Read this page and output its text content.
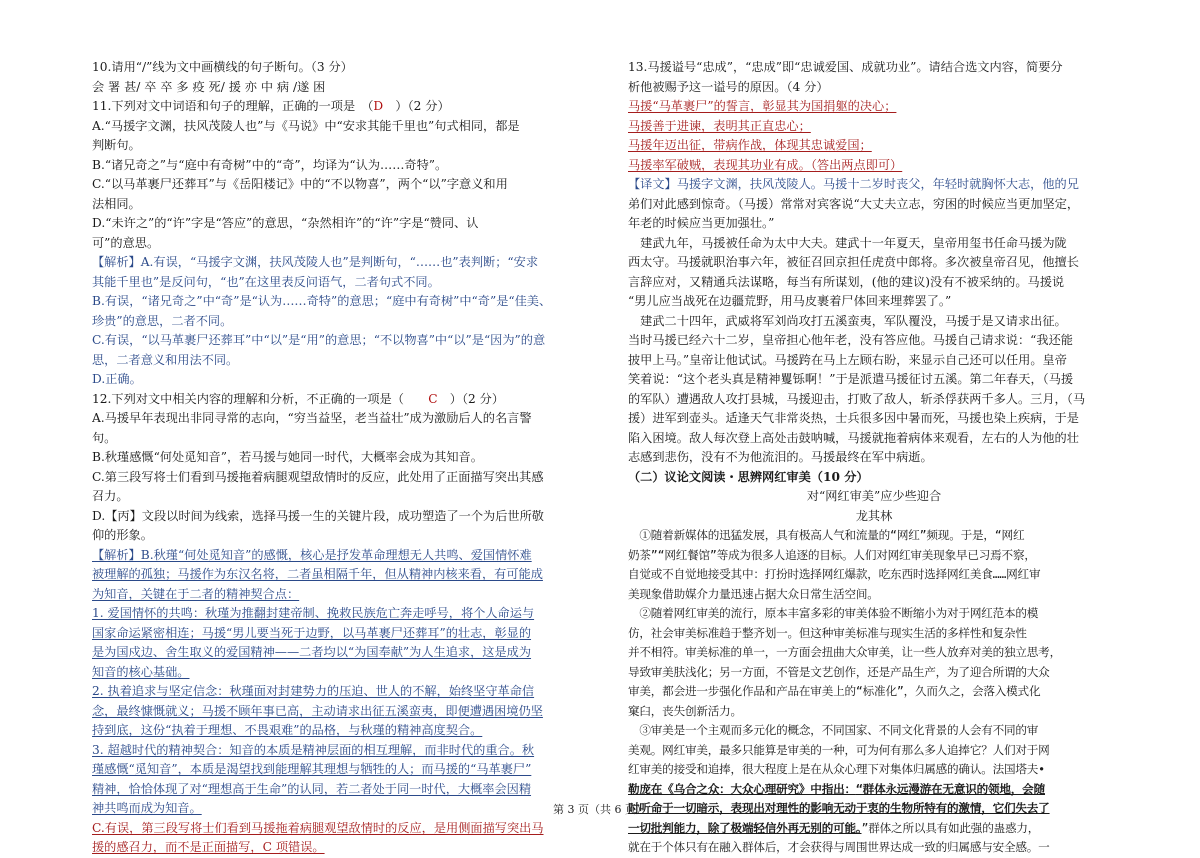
10.请用“/”线为文中画横线的句子断句。（3 分）
会 署 甚/ 卒 卒 多 疫 死/ 援 亦 中 病 /遂 困
11.下列对文中词语和句子的理解，正确的一项是　（D　 ）（2 分）
A.“马援字文渊，扶风茂陵人也”与《马说》中“安求其能千里也”句式相同，都是
判断句。
B.“诸兄奇之”与“庭中有奇树”中的“奇”，均译为“认为……奇特”。
C.“以马革裹尸还葬耳”与《岳阳楼记》中的“不以物喜”，两个“以”字意义和用
法相同。
D.“未许之”的“许”字是“答应”的意思，“杂然相许”的“许”字是“赞同、认
可”的意思。
【解析】A.有误，“马援字文渊，扶风茂陵人也”是判断句，“……也”表判断；“安求
其能千里也”是反问句，“也”在这里表反问语气，二者句式不同。
B.有误，“诸兄奇之”中“奇”是“认为……奇特”的意思；“庭中有奇树”中“奇”是“佳美、
珍贵”的意思，二者不同。
C.有误，“以马革裹尸还葬耳”中“以”是“用”的意思；“不以物喜”中“以”是“因为”的意
思，二者意义和用法不同。
D.正确。
12.下列对文中相关内容的理解和分析，不正确的一项是（　　C　）（2 分）
A.马援早年表现出非同寻常的志向，“穷当益坚，老当益壮”成为激励后人的名言警
句。
B.秋瑾感慨“何处觅知音”，若马援与她同一时代，大概率会成为其知音。
C.第三段写将士们看到马援拖着病腿观望敌情时的反应，此处用了正面描写突出其感
召力。
D.【丙】文段以时间为线索，选择马援一生的关键片段，成功塑造了一个为后世所敬
仰的形象。
【解析】B.秋瑾“何处觅知音”的感慨，核心是抒发革命理想无人共鸣、爱国情怀难
被理解的孤独；马援作为东汉名将，二者虽相隔千年，但从精神内核来看，有可能成
为知音，关键在于二者的精神契合点：
1. 爱国情怀的共鸣：秋瑾为推翻封建帝制、挽救民族危亡奔走呼号，将个人命运与
国家命运紧密相连；马援“男儿要当死于边野，以马革裹尸还葬耳”的壮志，彰显的
是为国戍边、舍生取义的爱国精神——二者均以“为国奉献”为人生追求，这是成为
知音的核心基础。
2. 执着追求与坚定信念：秋瑾面对封建势力的压迫、世人的不解，始终坚守革命信
念，最终慷慨就义；马援不顾年事已高，主动请求出征五溪蛮夷，即便遭遇困境仍坚
持到底，这份“执着于理想、不畏艰难”的品格，与秋瑾的精神高度契合。
3. 超越时代的精神契合：知音的本质是精神层面的相互理解，而非时代的重合。秋
瑾感慨“觅知音”，本质是渴望找到能理解其理想与牺牲的人；而马援的“马革裹尸”
精神，恰恰体现了对“理想高于生命”的认同，若二者处于同一时代，大概率会因精
神共鸣而成为知音。
C.有误，第三段写将士们看到马援拖着病腿观望敌情时的反应，是用侧面描写突出马
援的感召力，而不是正面描写，C 项错误。
13.马援谥号“忠成”，“忠成”即“忠诚爱国、成就功业”。请结合选文内容，简要分
析他被赐予这一谥号的原因。（4 分）
马援“马革裹尸”的誓言，彰显其为国捐躯的决心；
马援善于进谏，表明其正直忠心；
马援年迈出征，带病作战，体现其忠诚爱国；
马援率军破贼，表现其功业有成。（答出两点即可）
【译文】马援字文渊，扶风茂陵人。马援十二岁时丧父，年轻时就胸怀大志，他的兄
弟们对此感到惊奇。（马援）常常对宾客说“大丈夫立志，穷困的时候应当更加坚定，
年老的时候应当更加强壮。”
　建武九年，马援被任命为太中大夫。建武十一年夏天，皇帝用玺书任命马援为陇
西太守。马援就职治事六年，被征召回京担任虎贲中郎将。多次被皇帝召见，他擅长
言辞应对，又精通兵法谋略，每当有所谋划，(他的建议)没有不被采纳的。马援说
“男儿应当战死在边疆荒野，用马皮裹着尸体回来埋葬罢了。”
　建武二十四年，武威将军刘尚攻打五溪蛮夷，军队覆没，马援于是又请求出征。
当时马援已经六十二岁，皇帝担心他年老，没有答应他。马援自己请求说：“我还能
披甲上马。”皇帝让他试试。马援跨在马上左顾右盼，来显示自己还可以任用。皇帝
笑着说：“这个老头真是精神矍铄啊！”于是派遣马援征讨五溪。第二年春天，（马援
的军队）遭遇敌人攻打县城，马援迎击，打败了敌人，斩杀俘获两千多人。三月，（马
援）进军到壶头。适逢天气非常炎热，士兵很多因中暑而死，马援也染上疾病，于是
陷入困境。敌人每次登上高处击鼓呐喊，马援就拖着病体来观看，左右的人为他的壮
志感到悲伤，没有不为他流泪的。马援最终在军中病逝。
（二）议论文阅读・思辨网红审美（10 分）
对“网红审美”应少些迎合
龙其林
　①随着新媒体的迅猛发展，具有极高人气和流量的“网红”频现。于是，“网红
奶茶”“网红餐馆”等成为很多人追逐的目标。人们对网红审美现象早已习焉不察，
自觉或不自觉地接受其中：打扮时选择网红爆款，吃东西时选择网红美食……网红审
美现象借助媒介力量迅速占据大众日常生活空间。
　②随着网红审美的流行，原本丰富多彩的审美体验不断缩小为对于网红范本的模
仿，社会审美标准趋于整齐划一。但这种审美标准与现实生活的多样性和复杂性
并不相符。审美标准的单一，一方面会扭曲大众审美，让一些人放弃对美的独立思考，
导致审美肤浅化；另一方面，不管是文艺创作，还是产品生产，为了迎合所谓的大众
审美，都会进一步强化作品和产品在审美上的“标准化”，久而久之，会落入模式化
窠臼，丧失创新活力。
　③审美是一个主观而多元化的概念，不同国家、不同文化背景的人会有不同的审
美观。网红审美，最多只能算是审美的一种，可为何有那么多人追捧它？人们对于网
红审美的接受和追捧，很大程度上是在从众心理下对集体归属感的确认。法国塔夫•
勒庞在《乌合之众：大众心理研究》中指出：“群体永远漫游在无意识的领地，会随
时听命于一切暗示，表现出对理性的影响无动于衷的生物所特有的激情，它们失去了
一切批判能力，除了极端轻信外再无别的可能。”群体之所以具有如此强的蛊惑力，
就在于个体只有在融入群体后，才会获得与周围世界达成一致的归属感与安全感。一
第 3 页（共 6 页）
